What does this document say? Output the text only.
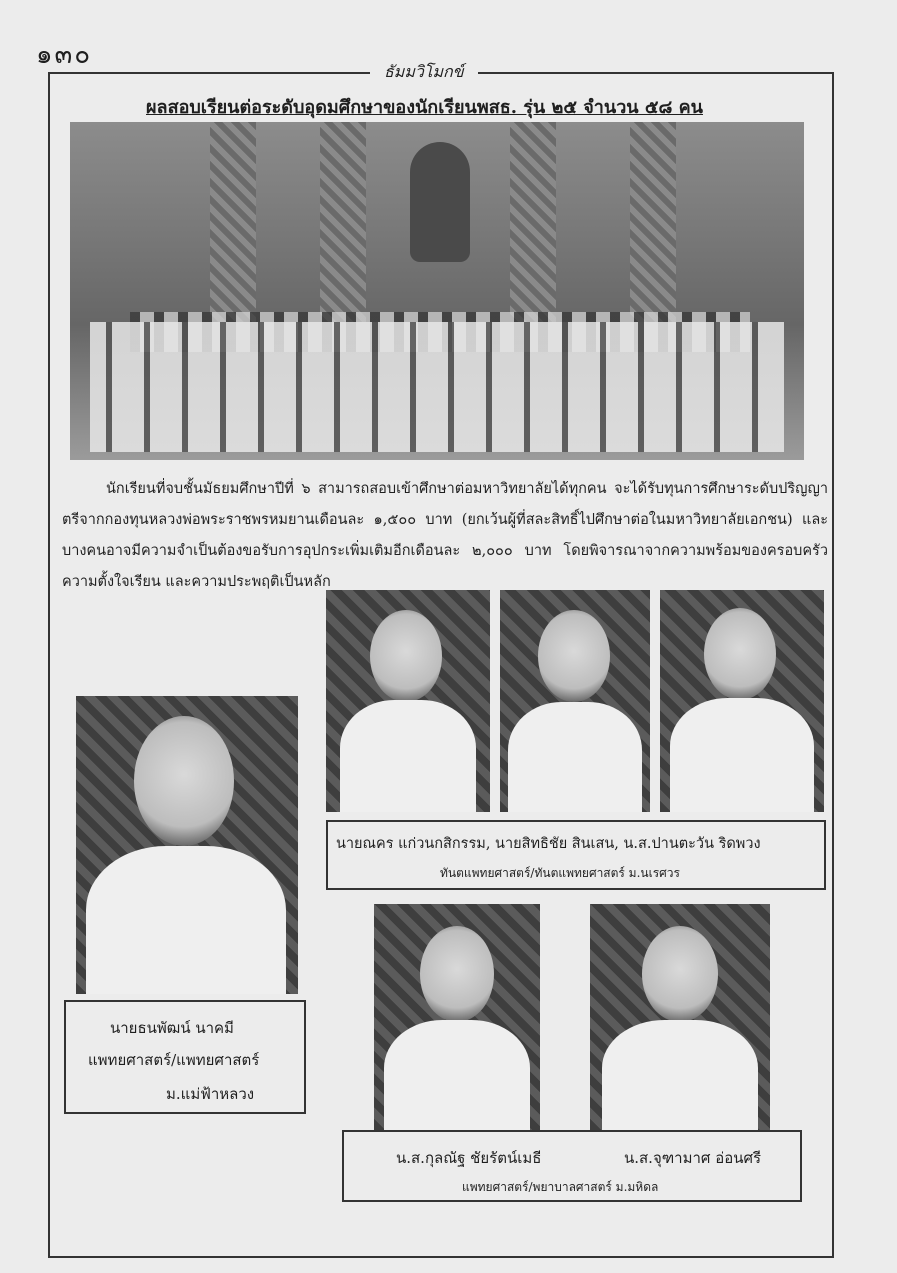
๑๓๐
ธัมมวิโมกข์
ผลสอบเรียนต่อระดับอุดมศึกษาของนักเรียนพสธ. รุ่น ๒๕ จำนวน ๕๘ คน
นักเรียนที่จบชั้นมัธยมศึกษาปีที่ ๖ สามารถสอบเข้าศึกษาต่อมหาวิทยาลัยได้ทุกคน จะได้รับทุนการศึกษาระดับปริญญาตรีจากกองทุนหลวงพ่อพระราชพรหมยานเดือนละ ๑,๕๐๐ บาท (ยกเว้นผู้ที่สละสิทธิ์ไปศึกษาต่อในมหาวิทยาลัยเอกชน) และบางคนอาจมีความจำเป็นต้องขอรับการอุปกระเพิ่มเติมอีกเดือนละ ๒,๐๐๐ บาท โดยพิจารณาจากความพร้อมของครอบครัว ความตั้งใจเรียน และความประพฤติเป็นหลัก
นายณคร แก่วนกสิกรรม, นายสิทธิชัย สินเสน, น.ส.ปานตะวัน ริดพวง
ทันตแพทยศาสตร์/ทันตแพทยศาสตร์ ม.นเรศวร
นายธนพัฒน์ นาคมี
แพทยศาสตร์/แพทยศาสตร์
ม.แม่ฟ้าหลวง
น.ส.กุลณัฐ ชัยรัตน์เมธี	น.ส.จุฑามาศ อ่อนศรี
แพทยศาสตร์/พยาบาลศาสตร์ ม.มหิดล
